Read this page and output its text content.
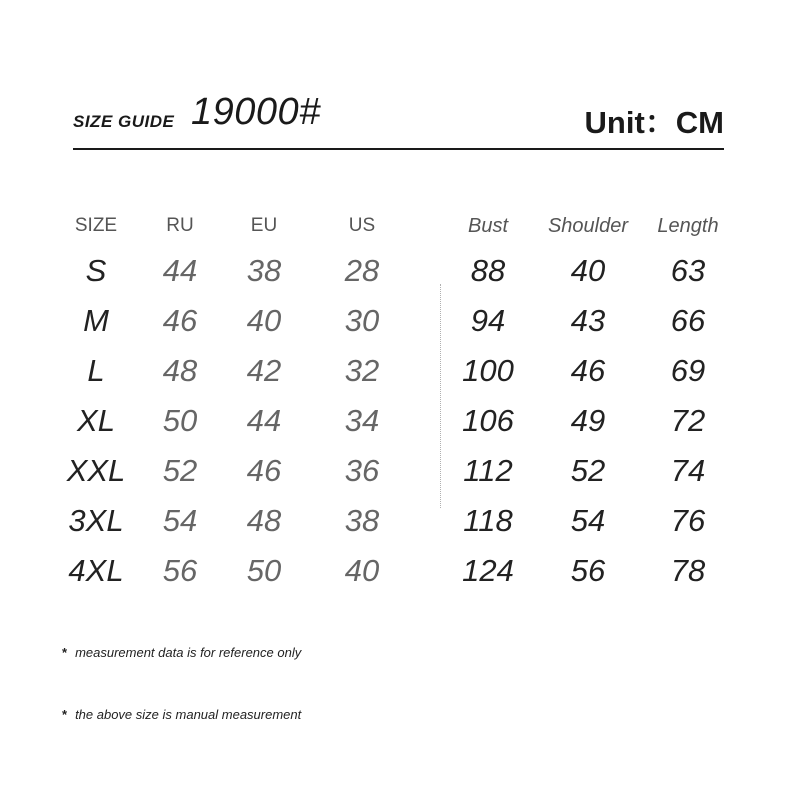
SIZE GUIDE 19000#	Unit：CM
SIZE	RU	EU	US	Bust	Shoulder	Length
S	44	38	28	88	40	63
M	46	40	30	94	43	66
L	48	42	32	100	46	69
XL	50	44	34	106	49	72
XXL	52	46	36	112	52	74
3XL	54	48	38	118	54	76
4XL	56	50	40	124	56	78
* measurement data is for reference only
* the above size is manual measurement
